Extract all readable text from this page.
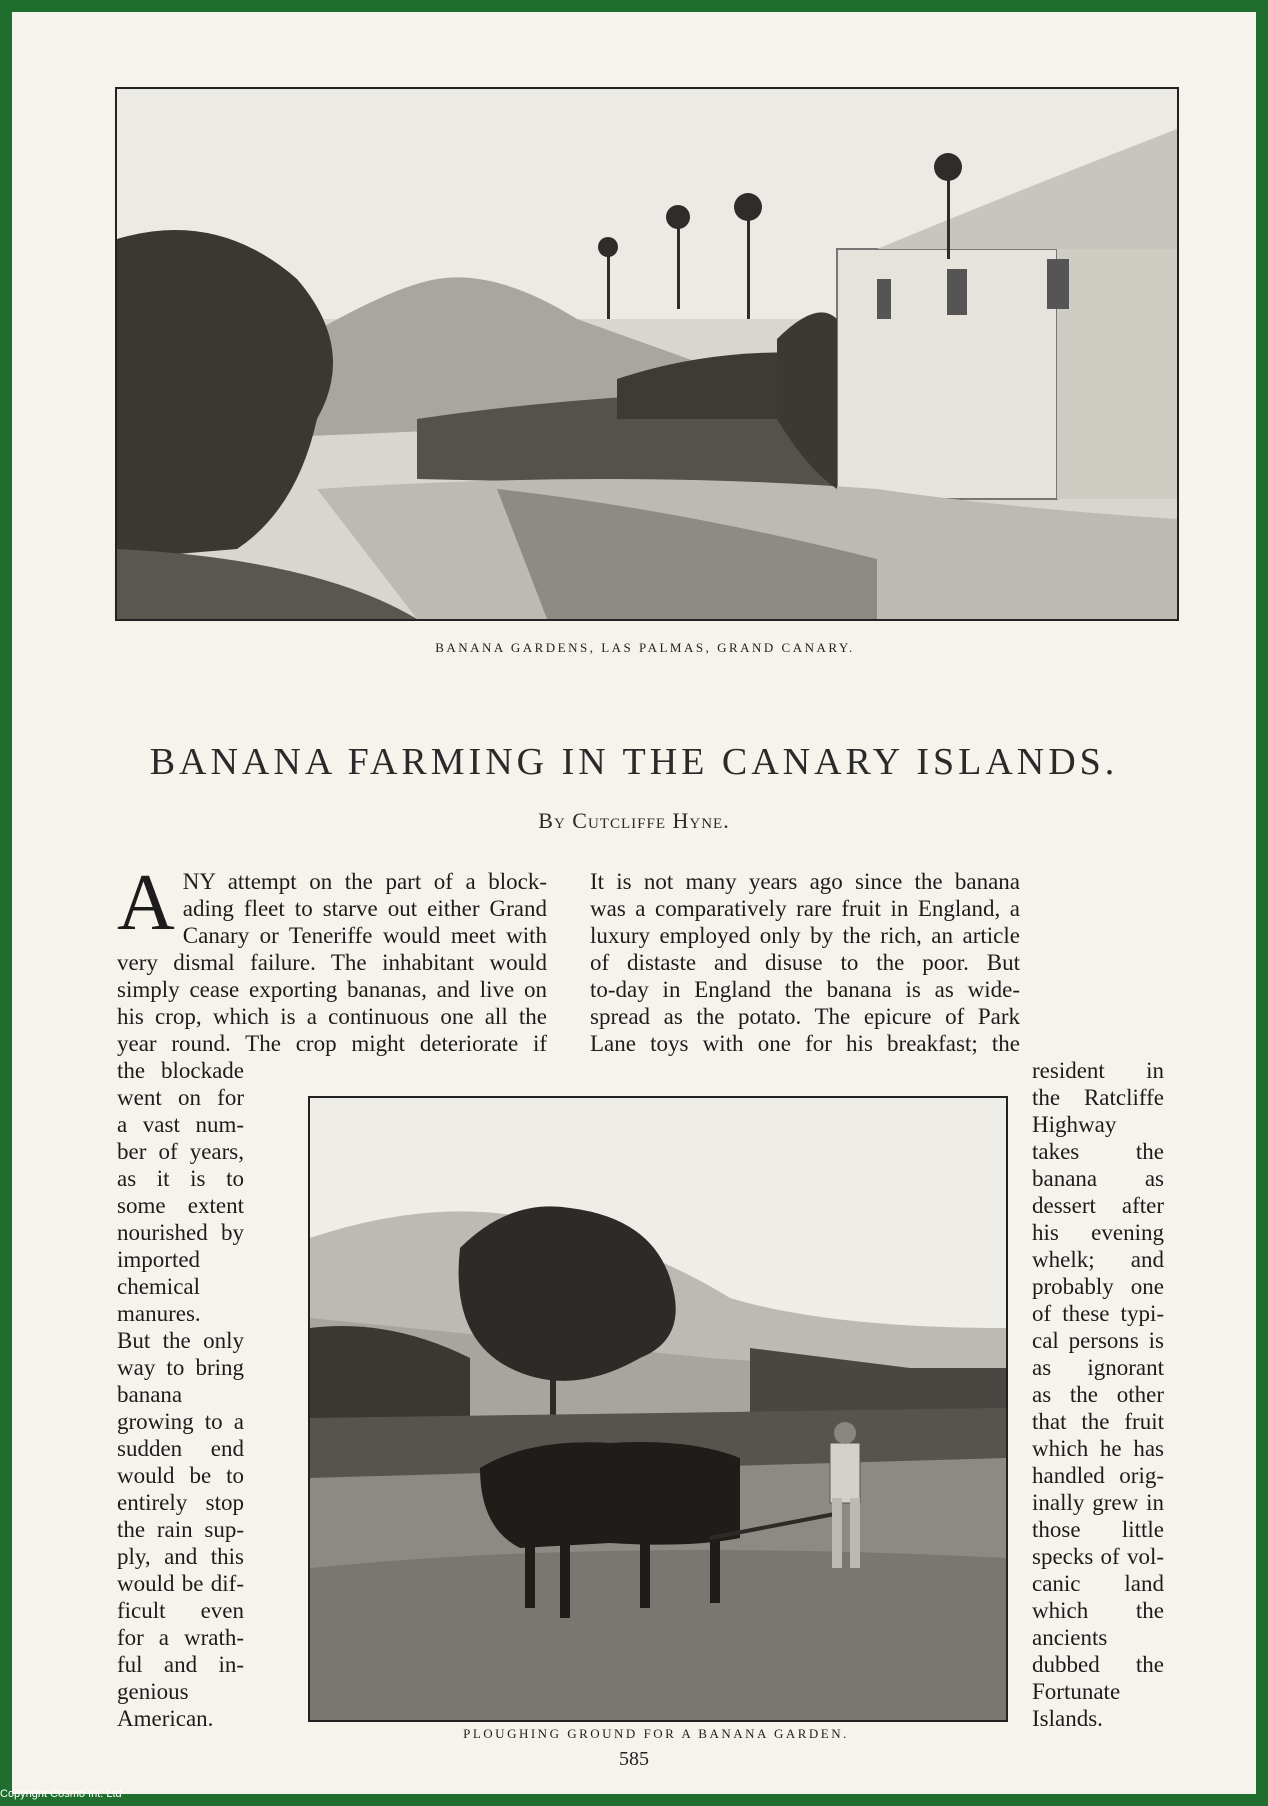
BANANA GARDENS, LAS PALMAS, GRAND CANARY.
BANANA FARMING IN THE CANARY ISLANDS.
By Cutcliffe Hyne.
A NY attempt on the part of a block-
ading fleet to starve out either Grand
Canary or Teneriffe would meet with
very dismal failure. The inhabitant would
simply cease exporting bananas, and live on
his crop, which is a continuous one all the
year round. The crop might deteriorate if
It is not many years ago since the banana
was a comparatively rare fruit in England, a
luxury employed only by the rich, an article
of distaste and disuse to the poor. But
to-day in England the banana is as wide-
spread as the potato. The epicure of Park
Lane toys with one for his breakfast; the
the blockade
went on for
a vast num-
ber of years,
as it is to
some extent
nourished by
imported
chemical
manures.
But the only
way to bring
banana
growing to a
sudden end
would be to
entirely stop
the rain sup-
ply, and this
would be dif-
ficult even
for a wrath-
ful and in-
genious
American.
PLOUGHING GROUND FOR A BANANA GARDEN.
resident in
the Ratcliffe
Highway
takes the
banana as
dessert after
his evening
whelk; and
probably one
of these typi-
cal persons is
as ignorant
as the other
that the fruit
which he has
handled orig-
inally grew in
those little
specks of vol-
canic land
which the
ancients
dubbed the
Fortunate
Islands.
585
Copyright Cosmo Int. Ltd
